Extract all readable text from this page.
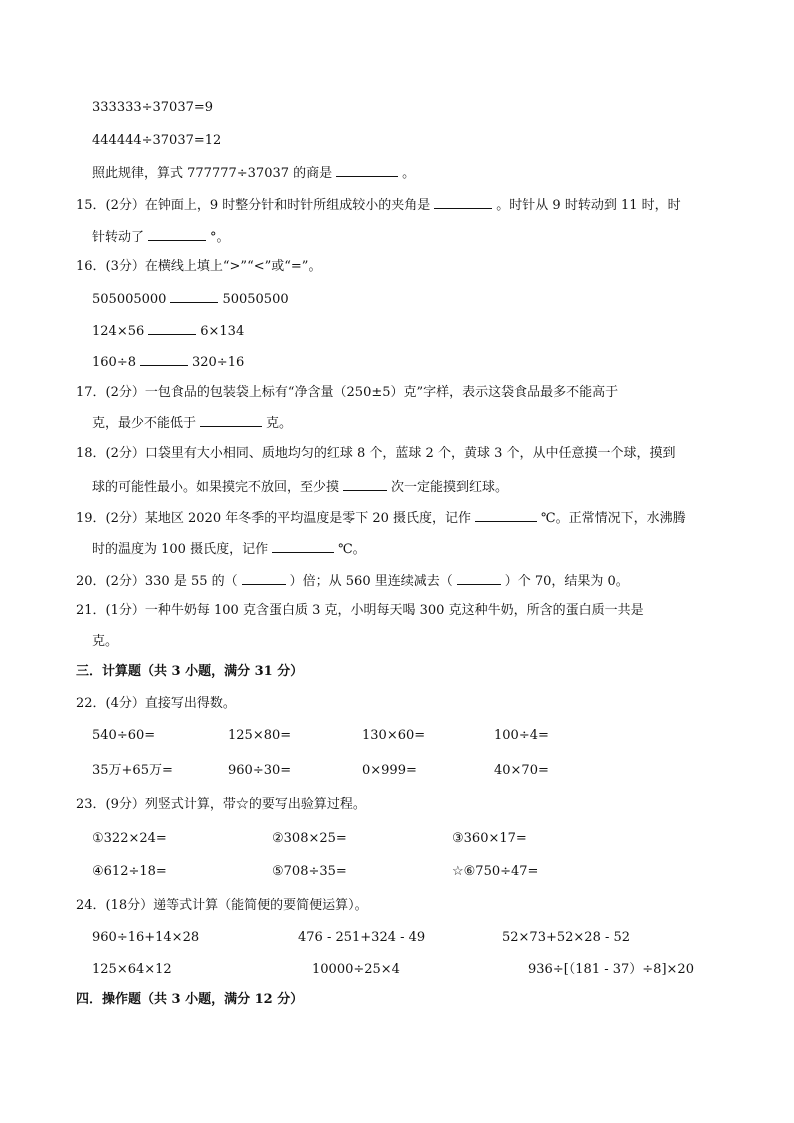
333333÷37037=9
444444÷37037=12
照此规律，算式 777777÷37037 的商是	。
15．(2分）在钟面上，9 时整分针和时针所组成较小的夹角是	。时针从 9 时转动到 11 时，时
针转动了	°。
16．(3分）在横线上填上“>”“<”或“=”。
505005000	50050500
124×56	6×134
160÷8	320÷16
17．(2分）一包食品的包装袋上标有“净含量（250±5）克”字样，表示这袋食品最多不能高于
克，最少不能低于	克。
18．(2分）口袋里有大小相同、质地均匀的红球 8 个，蓝球 2 个，黄球 3 个，从中任意摸一个球，摸到
球的可能性最小。如果摸完不放回，至少摸	次一定能摸到红球。
19．(2分）某地区 2020 年冬季的平均温度是零下 20 摄氏度，记作	℃。正常情况下，水沸腾
时的温度为 100 摄氏度，记作	℃。
20．(2分）330 是 55 的（	）倍；从 560 里连续减去（	）个 70，结果为 0。
21．(1分）一种牛奶每 100 克含蛋白质 3 克，小明每天喝 300 克这种牛奶，所含的蛋白质一共是
克。
三．计算题（共 3 小题，满分 31 分）
22．(4分）直接写出得数。
540÷60=	125×80=	130×60=	100÷4=
35万+65万=	960÷30=	0×999=	40×70=
23．(9分）列竖式计算，带☆的要写出验算过程。
①322×24=	②308×25=	③360×17=
④612÷18=	⑤708÷35=	☆⑥750÷47=
24．(18分）递等式计算（能简便的要简便运算）。
960÷16+14×28	476 - 251+324 - 49	52×73+52×28 - 52
125×64×12	10000÷25×4	936÷[（181 - 37）÷8]×20
四．操作题（共 3 小题，满分 12 分）
